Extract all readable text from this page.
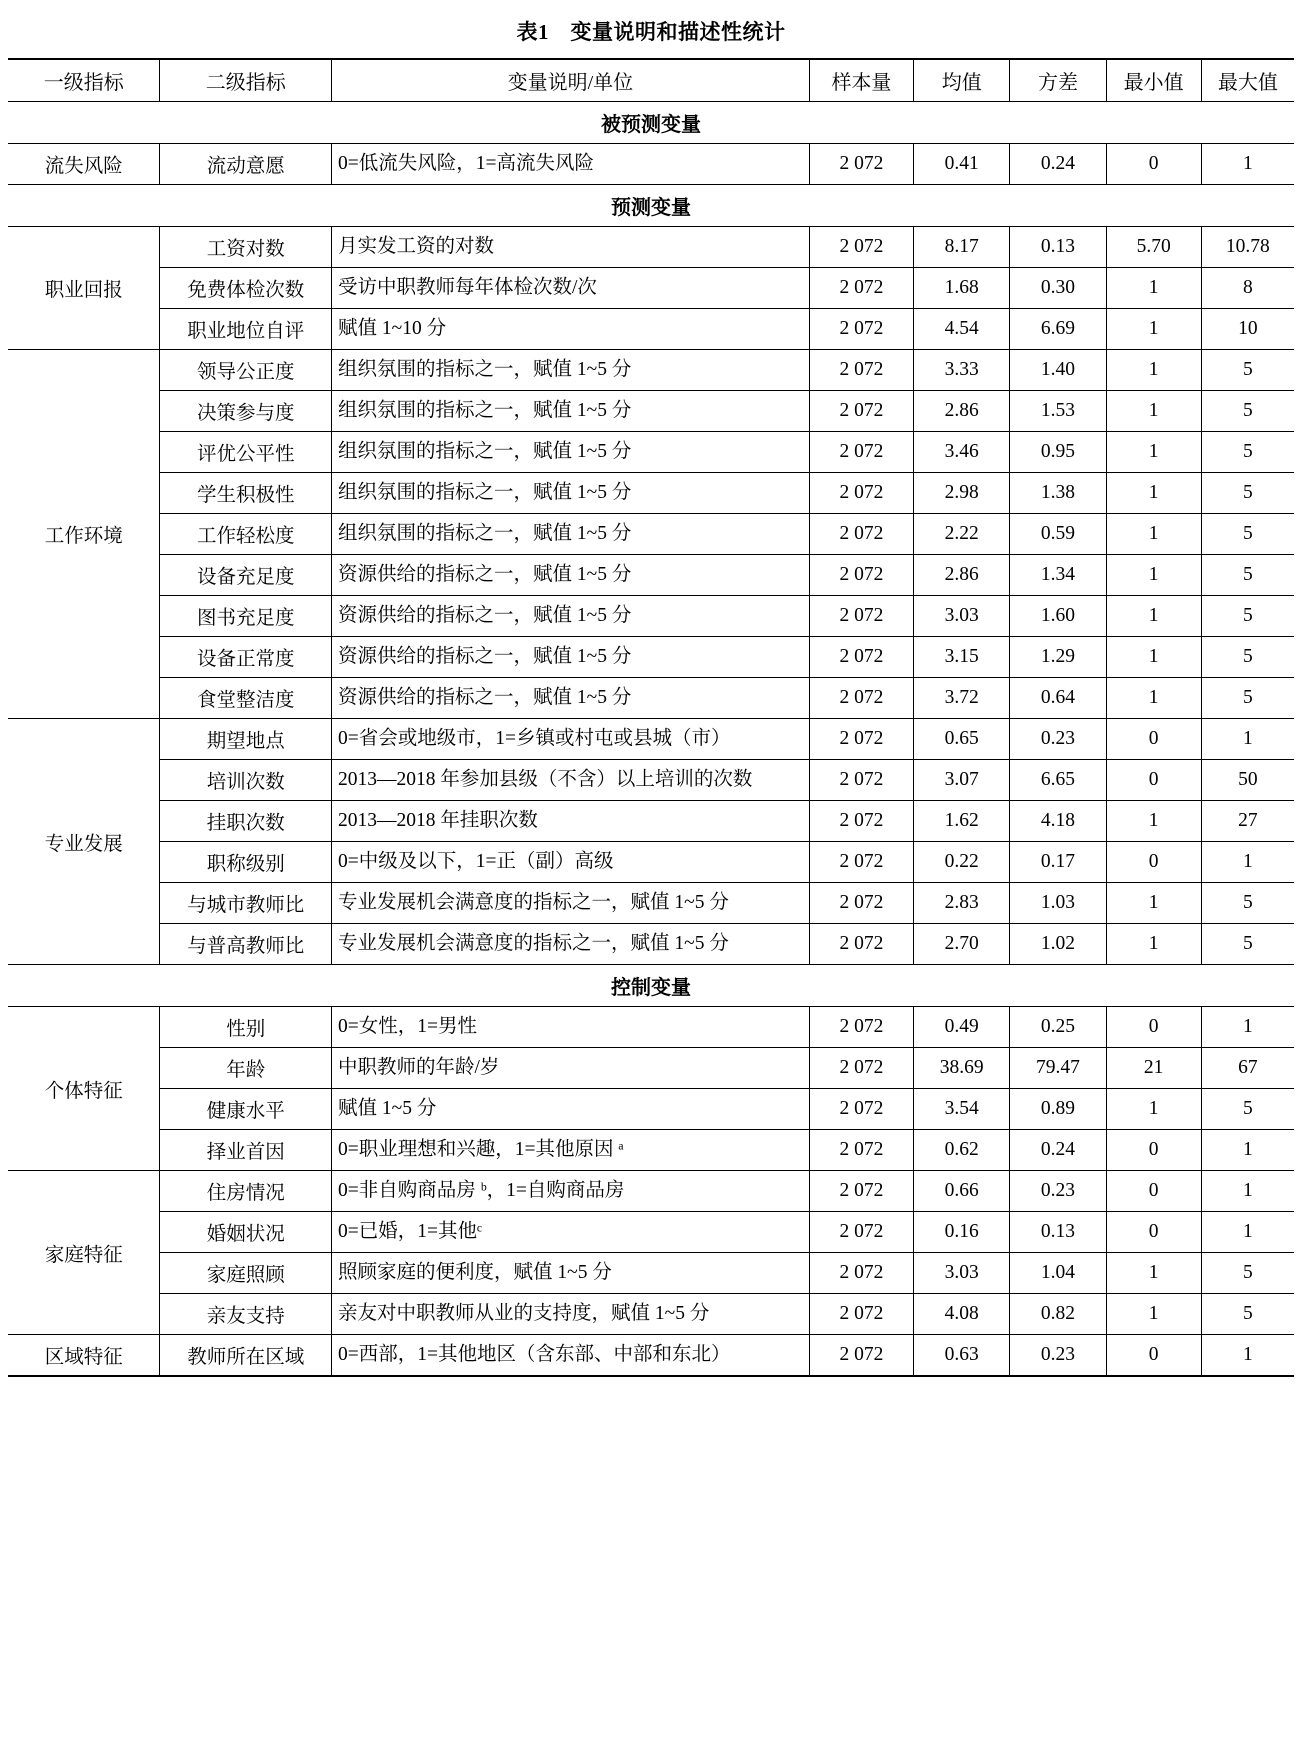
表1　变量说明和描述性统计
一级指标	二级指标	变量说明/单位	样本量	均值	方差	最小值	最大值
被预测变量							
流失风险	流动意愿	0=低流失风险，1=高流失风险	2 072	0.41	0.24	0	1
预测变量							
职业回报	工资对数	月实发工资的对数	2 072	8.17	0.13	5.70	10.78
	免费体检次数	受访中职教师每年体检次数/次	2 072	1.68	0.30	1	8
	职业地位自评	赋值 1~10 分	2 072	4.54	6.69	1	10
工作环境	领导公正度	组织氛围的指标之一，赋值 1~5 分	2 072	3.33	1.40	1	5
	决策参与度	组织氛围的指标之一，赋值 1~5 分	2 072	2.86	1.53	1	5
	评优公平性	组织氛围的指标之一，赋值 1~5 分	2 072	3.46	0.95	1	5
	学生积极性	组织氛围的指标之一，赋值 1~5 分	2 072	2.98	1.38	1	5
	工作轻松度	组织氛围的指标之一，赋值 1~5 分	2 072	2.22	0.59	1	5
	设备充足度	资源供给的指标之一，赋值 1~5 分	2 072	2.86	1.34	1	5
	图书充足度	资源供给的指标之一，赋值 1~5 分	2 072	3.03	1.60	1	5
	设备正常度	资源供给的指标之一，赋值 1~5 分	2 072	3.15	1.29	1	5
	食堂整洁度	资源供给的指标之一，赋值 1~5 分	2 072	3.72	0.64	1	5
专业发展	期望地点	0=省会或地级市，1=乡镇或村屯或县城（市）	2 072	0.65	0.23	0	1
	培训次数	2013—2018 年参加县级（不含）以上培训的次数	2 072	3.07	6.65	0	50
	挂职次数	2013—2018 年挂职次数	2 072	1.62	4.18	1	27
	职称级别	0=中级及以下，1=正（副）高级	2 072	0.22	0.17	0	1
	与城市教师比	专业发展机会满意度的指标之一，赋值 1~5 分	2 072	2.83	1.03	1	5
	与普高教师比	专业发展机会满意度的指标之一，赋值 1~5 分	2 072	2.70	1.02	1	5
控制变量							
个体特征	性别	0=女性，1=男性	2 072	0.49	0.25	0	1
	年龄	中职教师的年龄/岁	2 072	38.69	79.47	21	67
	健康水平	赋值 1~5 分	2 072	3.54	0.89	1	5
	择业首因	0=职业理想和兴趣，1=其他原因 ᵃ	2 072	0.62	0.24	0	1
家庭特征	住房情况	0=非自购商品房 ᵇ，1=自购商品房	2 072	0.66	0.23	0	1
	婚姻状况	0=已婚，1=其他ᶜ	2 072	0.16	0.13	0	1
	家庭照顾	照顾家庭的便利度，赋值 1~5 分	2 072	3.03	1.04	1	5
	亲友支持	亲友对中职教师从业的支持度，赋值 1~5 分	2 072	4.08	0.82	1	5
区域特征	教师所在区域	0=西部，1=其他地区（含东部、中部和东北）	2 072	0.63	0.23	0	1
